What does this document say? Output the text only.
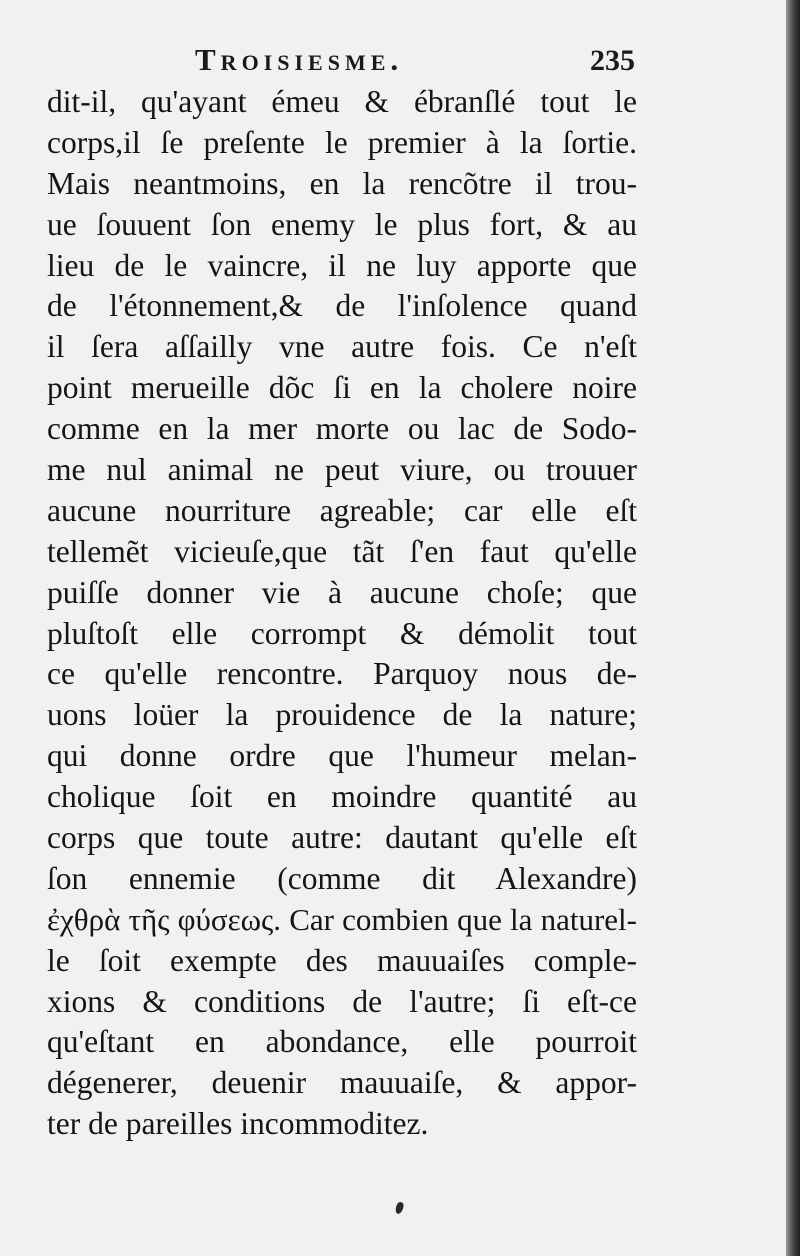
Troisiesme.	235
dit-il, qu'ayant émeu & ébranſlé tout le
corps,il ſe preſente le premier à la ſortie.
Mais neantmoins, en la rencõtre il trou-
ue ſouuent ſon enemy le plus fort, & au
lieu de le vaincre, il ne luy apporte que
de l'étonnement,& de l'inſolence quand
il ſera aſſailly vne autre fois. Ce n'eſt
point merueille dõc ſi en la cholere noire
comme en la mer morte ou lac de Sodo-
me nul animal ne peut viure, ou trouuer
aucune nourriture agreable; car elle eſt
tellemẽt vicieuſe,que tãt ſ'en faut qu'elle
puiſſe donner vie à aucune choſe; que
pluſtoſt elle corrompt & démolit tout
ce qu'elle rencontre. Parquoy nous de-
uons loüer la prouidence de la nature;
qui donne ordre que l'humeur melan-
cholique ſoit en moindre quantité au
corps que toute autre: dautant qu'elle eſt
ſon ennemie (comme dit Alexandre)
ἐχθρὰ τῆς φύσεως. Car combien que la naturel-
le ſoit exempte des mauuaiſes comple-
xions & conditions de l'autre; ſi eſt-ce
qu'eſtant en abondance, elle pourroit
dégenerer, deuenir mauuaiſe, & appor-
ter de pareilles incommoditez.
